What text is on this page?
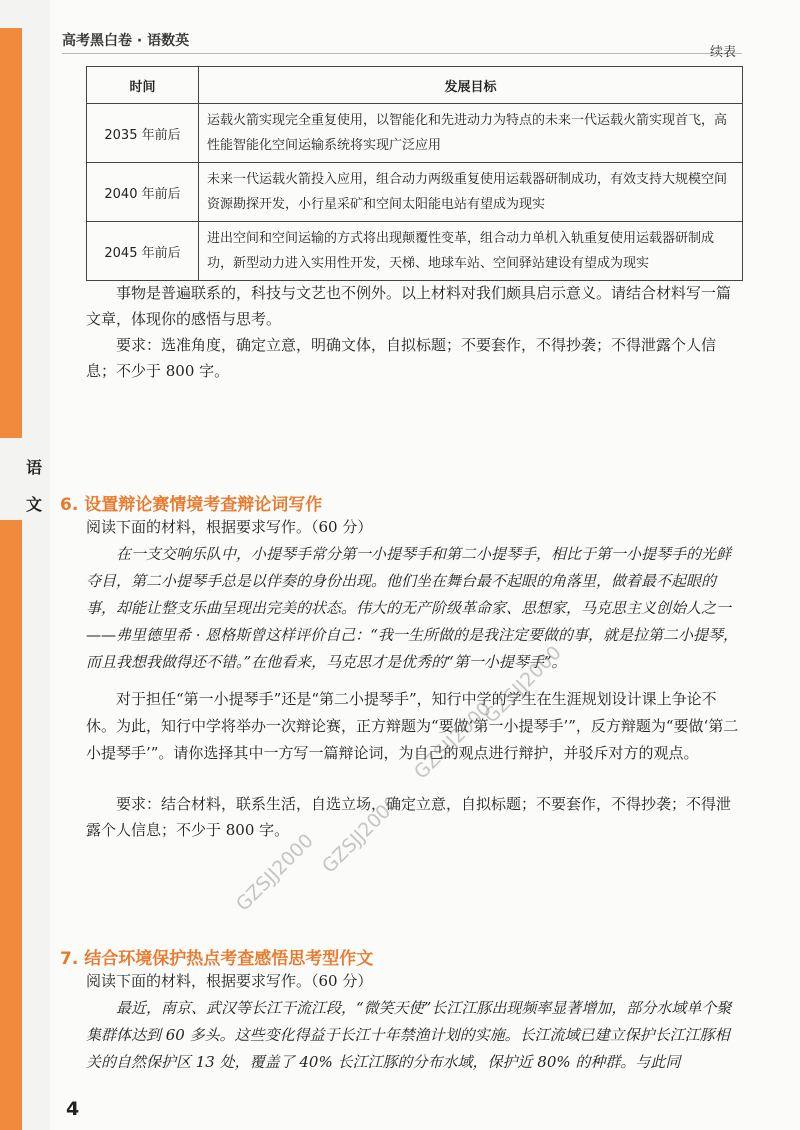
语
文
高考黑白卷 · 语数英
续表
时间	发展目标
2035 年前后	运载火箭实现完全重复使用，以智能化和先进动力为特点的未来一代运载火箭实现首飞，高性能智能化空间运输系统将实现广泛应用
2040 年前后	未来一代运载火箭投入应用，组合动力两级重复使用运载器研制成功，有效支持大规模空间资源勘探开发，小行星采矿和空间太阳能电站有望成为现实
2045 年前后	进出空间和空间运输的方式将出现颠覆性变革，组合动力单机入轨重复使用运载器研制成功，新型动力进入实用性开发，天梯、地球车站、空间驿站建设有望成为现实
事物是普遍联系的，科技与文艺也不例外。以上材料对我们颇具启示意义。请结合材料写一篇文章，体现你的感悟与思考。
要求：选准角度，确定立意，明确文体，自拟标题；不要套作，不得抄袭；不得泄露个人信息；不少于 800 字。
6. 设置辩论赛情境考查辩论词写作
阅读下面的材料，根据要求写作。（60 分）
在一支交响乐队中，小提琴手常分第一小提琴手和第二小提琴手，相比于第一小提琴手的光鲜夺目，第二小提琴手总是以伴奏的身份出现。他们坐在舞台最不起眼的角落里，做着最不起眼的事，却能让整支乐曲呈现出完美的状态。伟大的无产阶级革命家、思想家，马克思主义创始人之一——弗里德里希 · 恩格斯曾这样评价自己：“我一生所做的是我注定要做的事，就是拉第二小提琴，而且我想我做得还不错。”在他看来，马克思才是优秀的“第一小提琴手”。
对于担任“第一小提琴手”还是“第二小提琴手”，知行中学的学生在生涯规划设计课上争论不休。为此，知行中学将举办一次辩论赛，正方辩题为“要做‘第一小提琴手’”，反方辩题为“要做‘第二小提琴手’”。请你选择其中一方写一篇辩论词，为自己的观点进行辩护，并驳斥对方的观点。
要求：结合材料，联系生活，自选立场，确定立意，自拟标题；不要套作，不得抄袭；不得泄露个人信息；不少于 800 字。
7. 结合环境保护热点考查感悟思考型作文
阅读下面的材料，根据要求写作。（60 分）
最近，南京、武汉等长江干流江段，“微笑天使”长江江豚出现频率显著增加，部分水域单个聚集群体达到 60 多头。这些变化得益于长江十年禁渔计划的实施。长江流域已建立保护长江江豚相关的自然保护区 13 处，覆盖了 40% 长江江豚的分布水域，保护近 80% 的种群。与此同
GZSJJ2000
GZSJJ2000
GZSJJ2000
GZSJJ2000
4
